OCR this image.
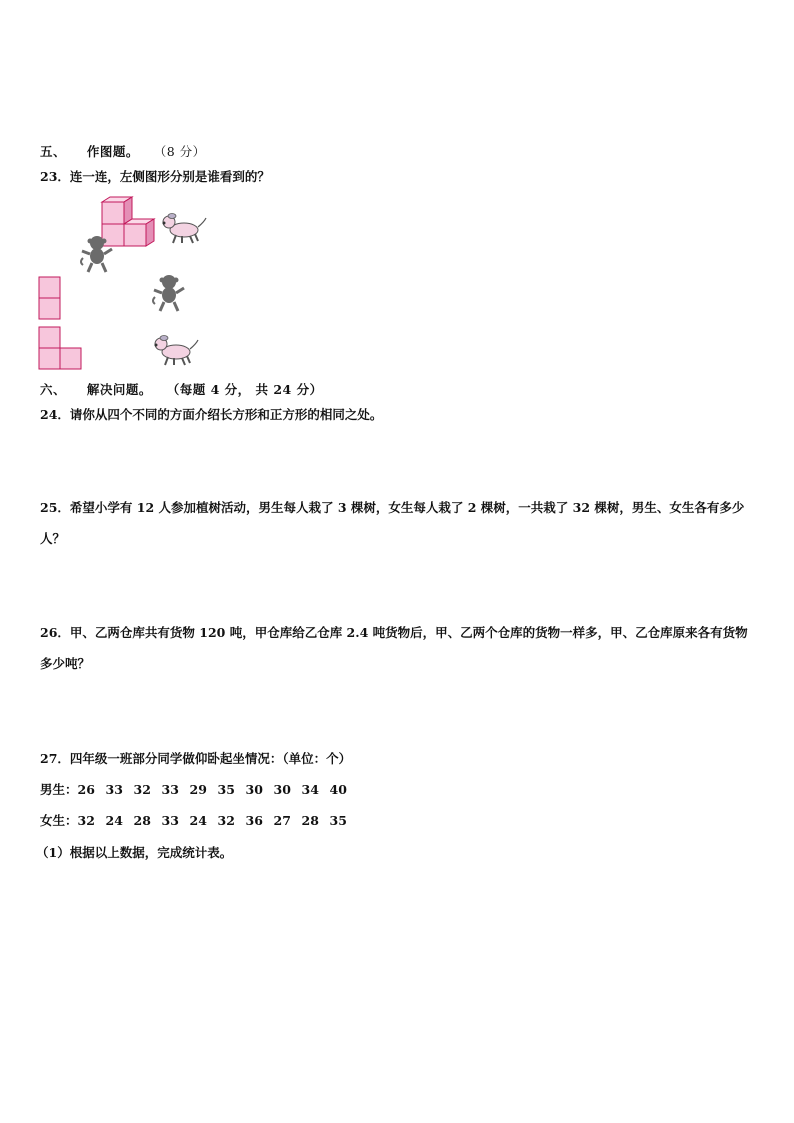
五、 作图题。 （8 分）
23．连一连，左侧图形分别是谁看到的？
六、 解决问题。 （每题 4 分， 共 24 分）
24．请你从四个不同的方面介绍长方形和正方形的相同之处。
25．希望小学有 12 人参加植树活动，男生每人栽了 3 棵树，女生每人栽了 2 棵树，一共栽了 32 棵树，男生、女生各有多少人？
26．甲、乙两仓库共有货物 120 吨，甲仓库给乙仓库 2.4 吨货物后，甲、乙两个仓库的货物一样多，甲、乙仓库原来各有货物多少吨？
27．四年级一班部分同学做仰卧起坐情况：（单位：个）
男生：26 33 32 33 29 35 30 30 34 40
女生：32 24 28 33 24 32 36 27 28 35
（1）根据以上数据，完成统计表。
